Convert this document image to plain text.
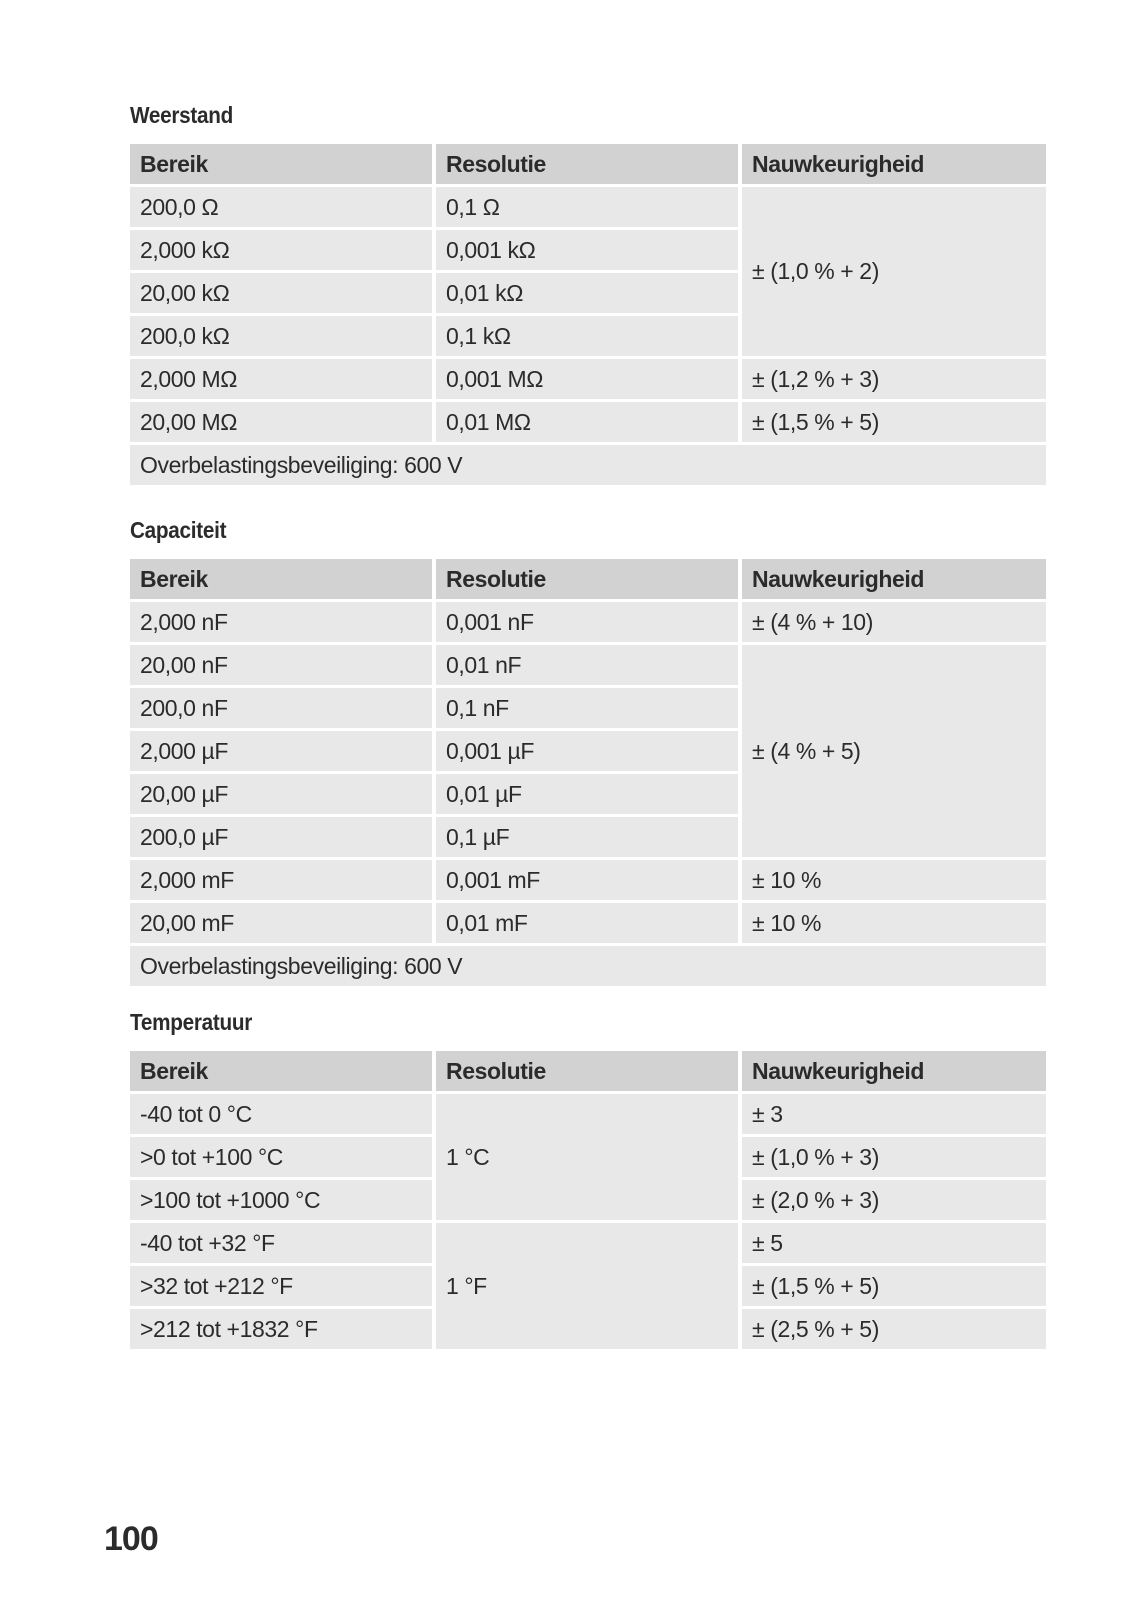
Weerstand
Bereik	Resolutie	Nauwkeurigheid
200,0 Ω	0,1 Ω	± (1,0 % + 2)
2,000 kΩ	0,001 kΩ	
20,00 kΩ	0,01 kΩ	
200,0 kΩ	0,1 kΩ	
2,000 MΩ	0,001 MΩ	± (1,2 % + 3)
20,00 MΩ	0,01 MΩ	± (1,5 % + 5)
Overbelastingsbeveiliging: 600 V		
Capaciteit
Bereik	Resolutie	Nauwkeurigheid
2,000 nF	0,001 nF	± (4 % + 10)
20,00 nF	0,01 nF	± (4 % + 5)
200,0 nF	0,1 nF	
2,000 µF	0,001 µF	
20,00 µF	0,01 µF	
200,0 µF	0,1 µF	
2,000 mF	0,001 mF	± 10 %
20,00 mF	0,01 mF	± 10 %
Overbelastingsbeveiliging: 600 V		
Temperatuur
Bereik	Resolutie	Nauwkeurigheid
-40 tot 0 °C	1 °C	± 3
>0 tot +100 °C		± (1,0 % + 3)
>100 tot +1000 °C		± (2,0 % + 3)
-40 tot +32 °F	1 °F	± 5
>32 tot +212 °F		± (1,5 % + 5)
>212 tot +1832 °F		± (2,5 % + 5)
100
